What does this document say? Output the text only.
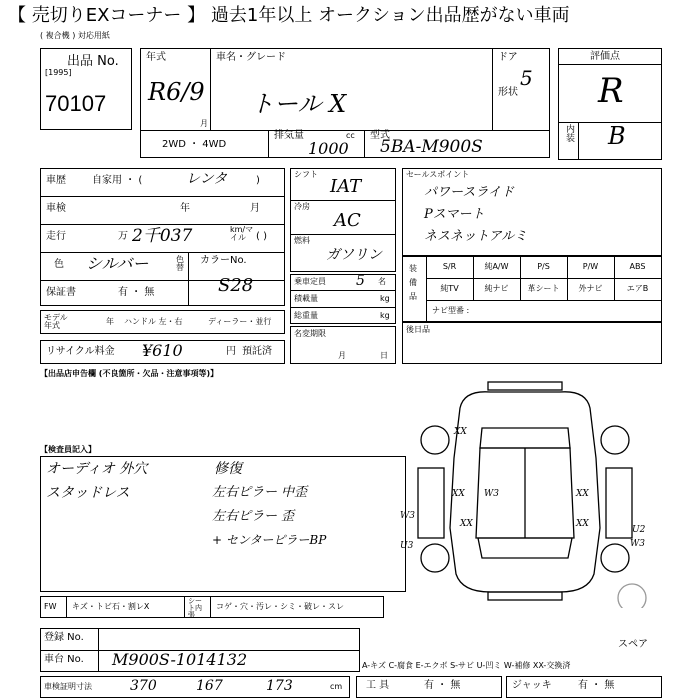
【 売切りEXコーナー 】 過去1年以上 オークション出品歴がない車両
( 複合機 ) 対応用紙
出品 No.
[1995]
70107
年式
R6/9
月
車名・グレード
トール X
ドア
5
形状
2WD ・ 4WD
排気量	cc
1000
型式
5BA-M900S
評価点
R
内装 B
車歴	自家用 ・ (	レンタ	)
車検	年	月
走行	万 2千037	km/マイル	( )
色 シルバー	色替
カラーNo.
S28
保証書	有 ・ 無
モデル年式	年 ハンドル 左・右	ディーラー・並行
リサイクル料金 ¥610	円 預託済
シフト
IAT
冷房
AC
燃料
ガソリン
乗車定員 5 名
積載量	kg
総重量	kg
名変期限
月	日
セールスポイント
パワースライド
Pスマート
ネスネットアルミ
装備品
S/R	純A/W	P/S	P/W	ABS
純TV	純ナビ	革シート	外ナビ	エアB
ナビ型番 :
後日品
【出品店申告欄 (不良箇所・欠品・注意事項等)】
【検査員記入】
オーディオ 外穴
スタッドレス
修復
左右ピラー 中歪
左右ピラー 歪
+ センターピラーBP
XX
XX	XX
XX
XX
W3
W3
U2
W3
U3
FW キズ・トビ石・割レX
シート内張
コゲ・穴・汚レ・シミ・破レ・スレ
スペア
登録 No.
車台 No. M900S-1014132	A-キズ C-腐食 E-エクボ S-サビ U-凹ミ W-補修 XX-交換済
車検証明寸法	370	167	173	cm 工 具	有 ・ 無	ジャッキ	有 ・ 無
